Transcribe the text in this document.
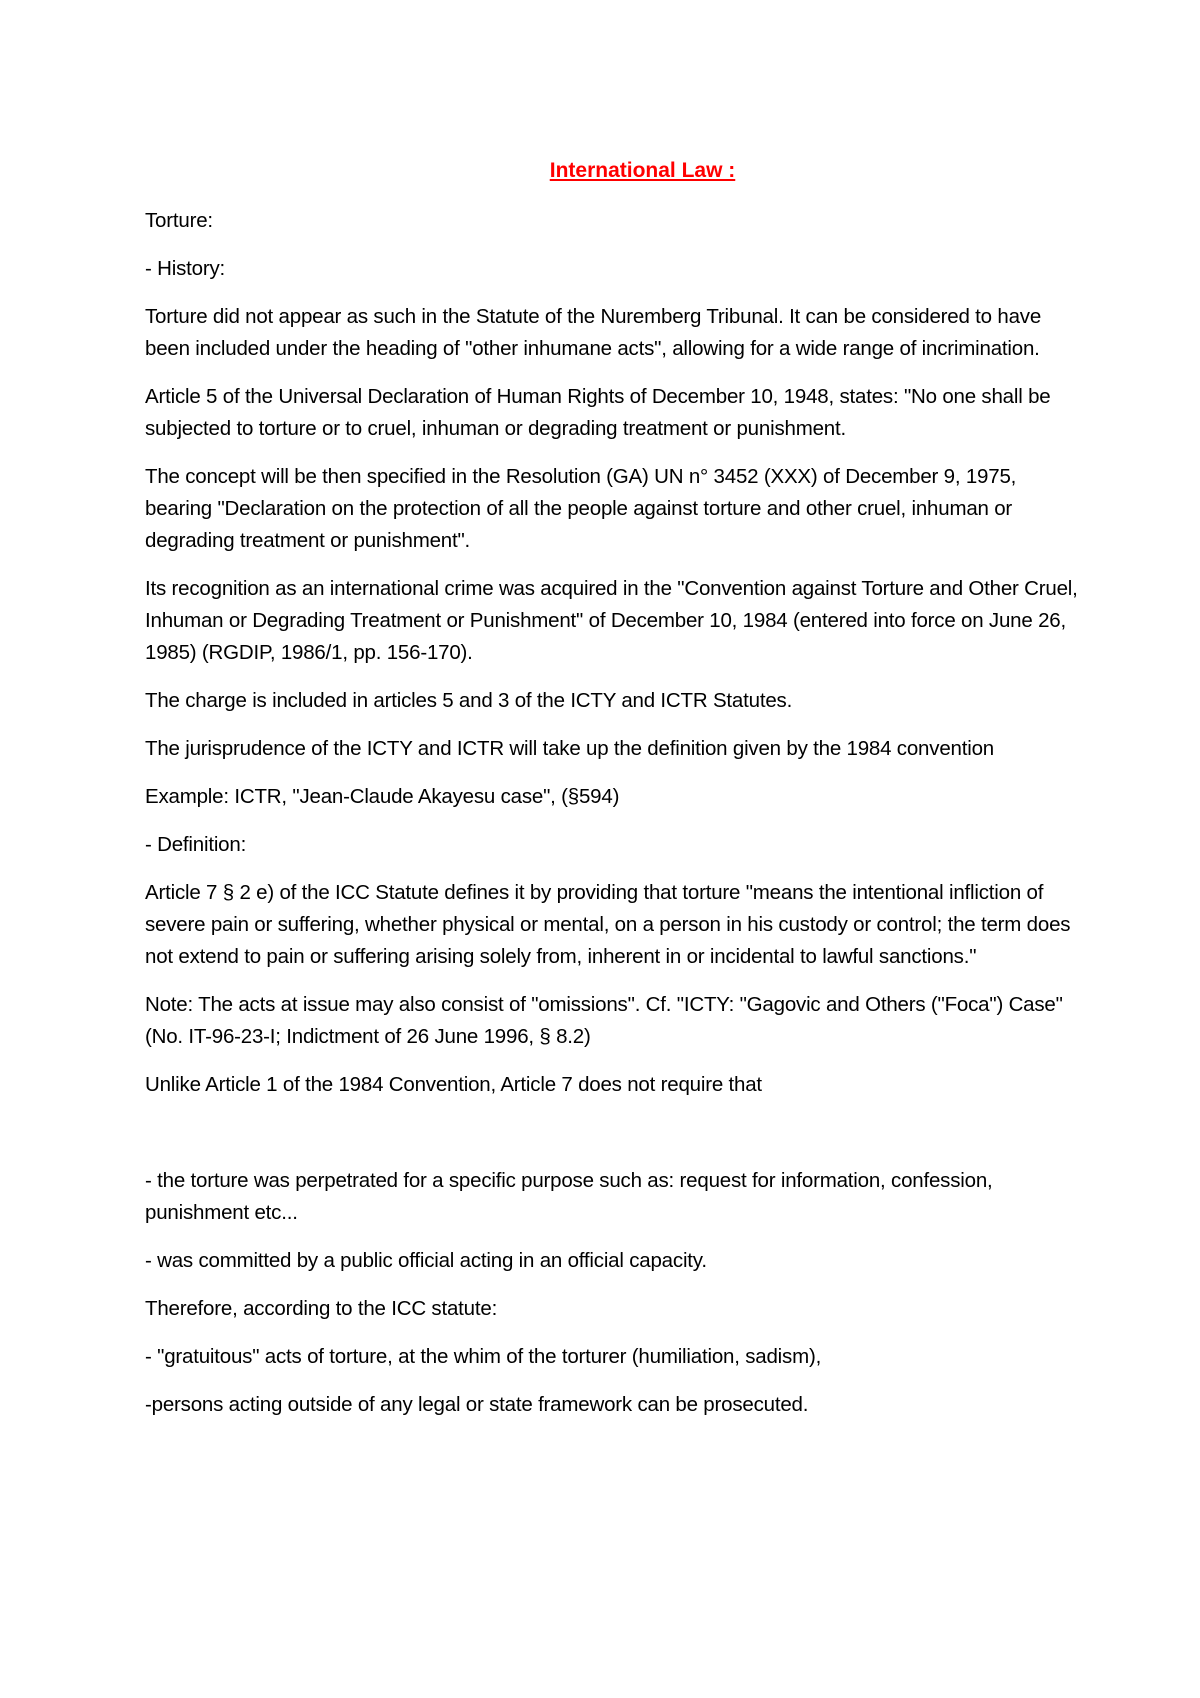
International Law :

Torture:

- History:

Torture did not appear as such in the Statute of the Nuremberg Tribunal. It can be considered to have been included under the heading of "other inhumane acts", allowing for a wide range of incrimination.

Article 5 of the Universal Declaration of Human Rights of December 10, 1948, states: "No one shall be subjected to torture or to cruel, inhuman or degrading treatment or punishment.

The concept will be then specified in the Resolution (GA) UN n° 3452 (XXX) of December 9, 1975, bearing "Declaration on the protection of all the people against torture and other cruel, inhuman or degrading treatment or punishment".

Its recognition as an international crime was acquired in the "Convention against Torture and Other Cruel, Inhuman or Degrading Treatment or Punishment" of December 10, 1984 (entered into force on June 26, 1985) (RGDIP, 1986/1, pp. 156-170).

The charge is included in articles 5 and 3 of the ICTY and ICTR Statutes.

The jurisprudence of the ICTY and ICTR will take up the definition given by the 1984 convention

Example: ICTR, "Jean-Claude Akayesu case", (§594)

- Definition:

Article 7 § 2 e) of the ICC Statute defines it by providing that torture "means the intentional infliction of severe pain or suffering, whether physical or mental, on a person in his custody or control; the term does not extend to pain or suffering arising solely from, inherent in or incidental to lawful sanctions."

Note: The acts at issue may also consist of "omissions". Cf. "ICTY: "Gagovic and Others ("Foca") Case" (No. IT-96-23-I; Indictment of 26 June 1996, § 8.2)

Unlike Article 1 of the 1984 Convention, Article 7 does not require that

- the torture was perpetrated for a specific purpose such as: request for information, confession, punishment etc...

- was committed by a public official acting in an official capacity.

Therefore, according to the ICC statute:

- "gratuitous" acts of torture, at the whim of the torturer (humiliation, sadism),

-persons acting outside of any legal or state framework can be prosecuted.
